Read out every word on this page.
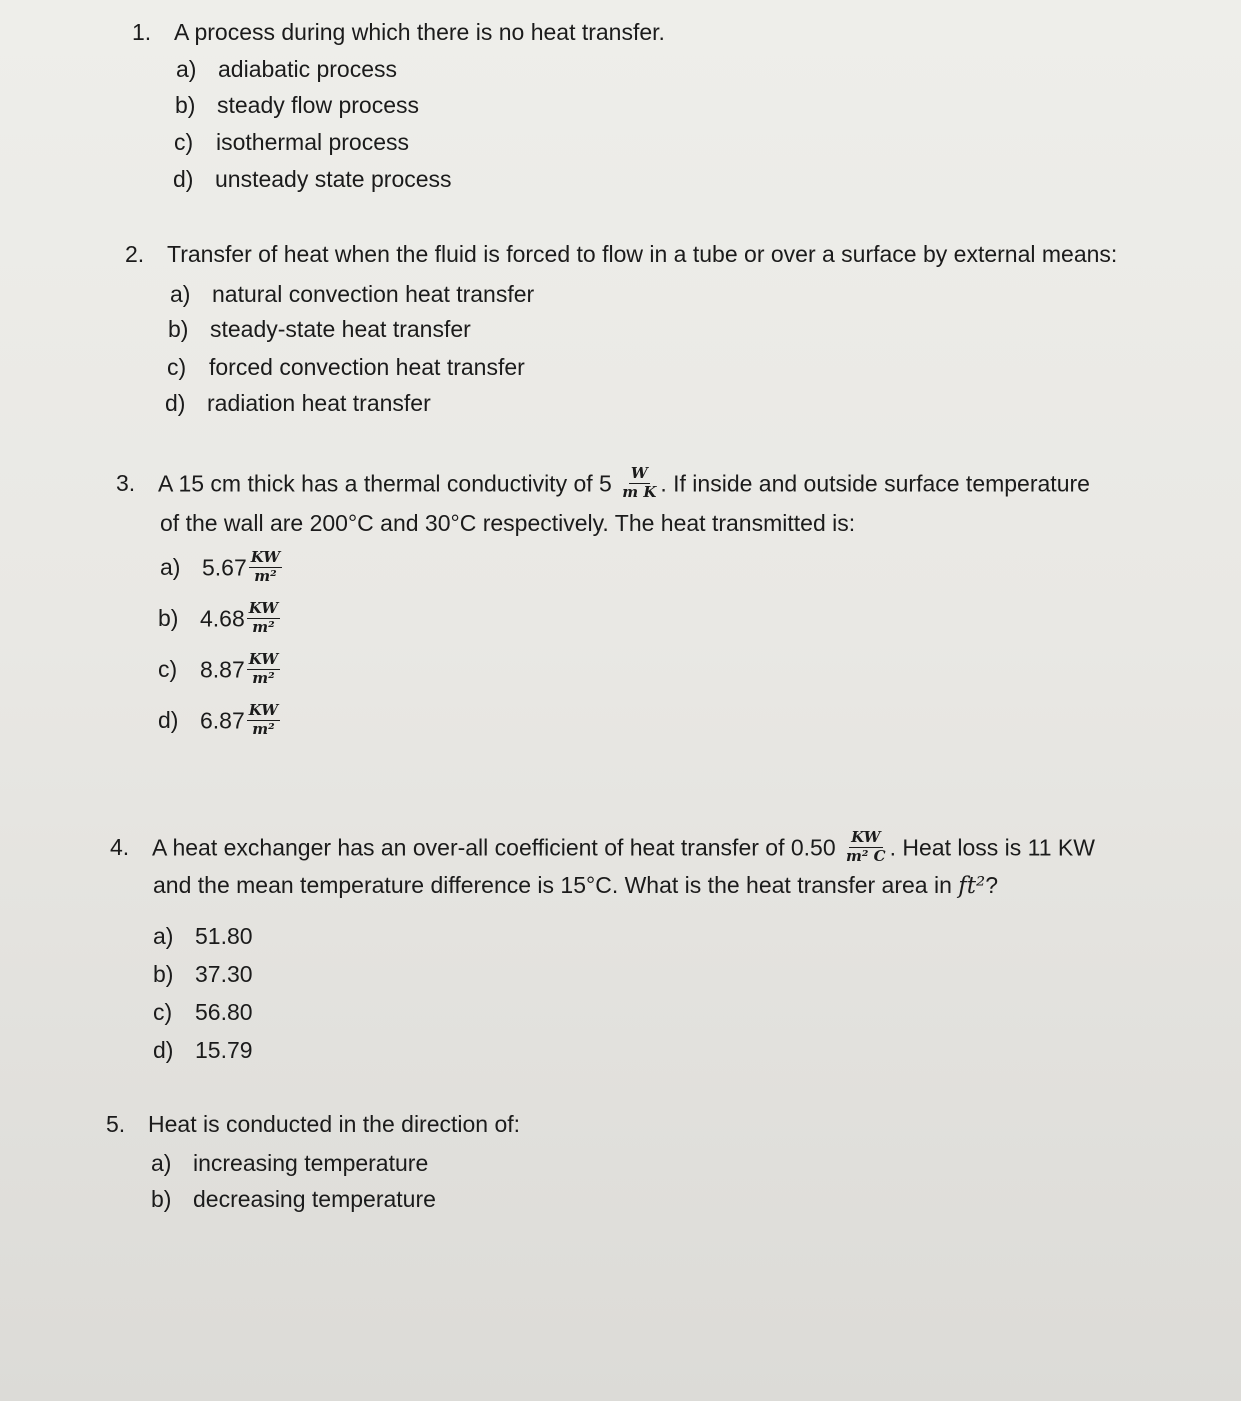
1. A process during which there is no heat transfer.
a) adiabatic process
b) steady flow process
c) isothermal process
d) unsteady state process
2. Transfer of heat when the fluid is forced to flow in a tube or over a surface by external means:
a) natural convection heat transfer
b) steady-state heat transfer
c) forced convection heat transfer
d) radiation heat transfer
3. A 15 cm thick has a thermal conductivity of $5 \frac{W}{\text{m K}}$ . If inside and outside surface temperature
of the wall are 200°C and 30°C respectively. The heat transmitted is:
a) $5.67 \frac{KW}{\text{m²}}$
b) $4.68 \frac{KW}{\text{m²}}$
c) $8.87 \frac{KW}{\text{m²}}$
d) $6.87 \frac{KW}{\text{m²}}$
4. A heat exchanger has an over-all coefficient of heat transfer of $0.50 \frac{KW}{\text{m² C}}$ . Heat loss is 11 KW
and the mean temperature difference is 15°C. What is the heat transfer area in ft²?
a) 51.80
b) 37.30
c) 56.80
d) 15.79
5. Heat is conducted in the direction of:
a) increasing temperature
b) decreasing temperature
